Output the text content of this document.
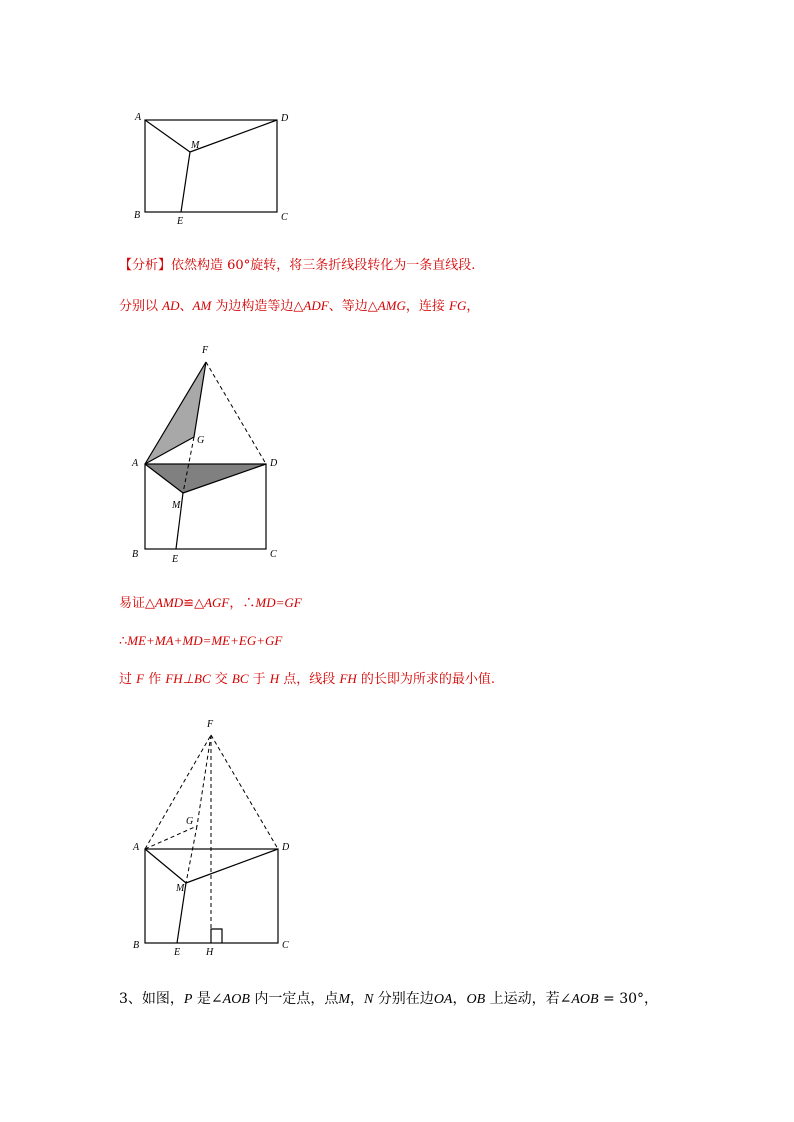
A	D
M
B
E	C

【分析】依然构造 60°旋转，将三条折线段转化为一条直线段.

分别以 AD、AM 为边构造等边△ADF、等边△AMG，连接 FG，

F
G
A	D
M
B	E	C

易证△AMD≌△AGF，∴MD=GF

∴ME+MA+MD=ME+EG+GF

过 F 作 FH⊥BC 交 BC 于 H 点，线段 FH 的长即为所求的最小值.

F
G
A	D
M
B
E	H
C

3、如图，P 是∠AOB 内一定点，点M，N 分别在边OA，OB 上运动，若∠AOB = 30°，
